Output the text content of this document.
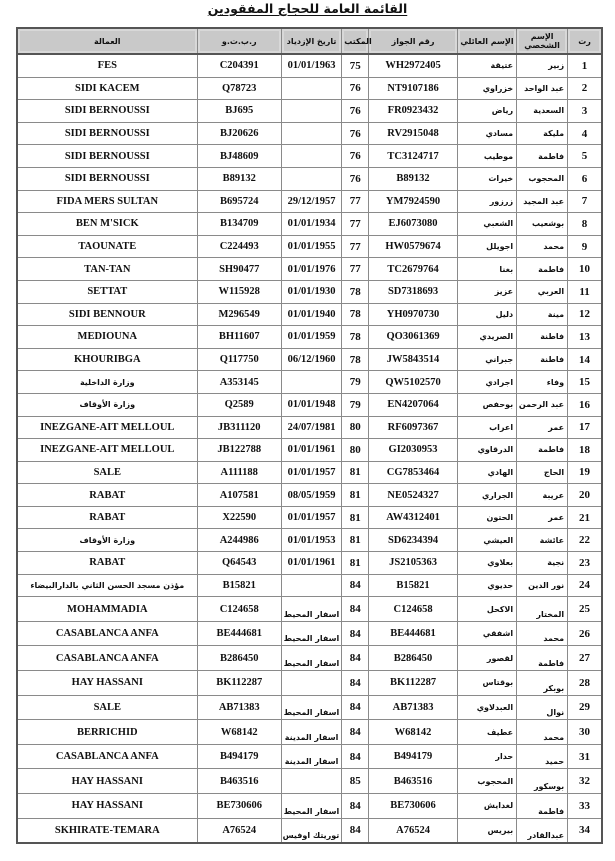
القائمة العامة للحجاج المفقودين
العمالة	ر.ب.ت.و	تاريخ الإزدياد	المكتب	رقم الجواز	الإسم العائلي	الإسم الشخصي	رت
FES	C204391	01/01/1963	75	WH2972405	عتيقة	زبير	1
SIDI KACEM	Q78723		76	NT9107186	خزراوي	عبد الواحد	2
SIDI BERNOUSSI	BJ695		76	FR0923432	رياض	السعدية	3
SIDI BERNOUSSI	BJ20626		76	RV2915048	مسادي	مليكة	4
SIDI BERNOUSSI	BJ48609		76	TC3124717	موطيب	فاطمة	5
SIDI BERNOUSSI	B89132		76	B89132	خيرات	المحجوب	6
FIDA MERS SULTAN	B695724	29/12/1957	77	YM7924590	زرزور	عبد المجيد	7
BEN M'SICK	B134709	01/01/1934	77	EJ6073080	الشعبي	بوشعيب	8
TAOUNATE	C224493	01/01/1955	77	HW0579674	اجويلل	محمد	9
TAN-TAN	SH90477	01/01/1976	77	TC2679764	بغنا	فاطمة	10
SETTAT	W115928	01/01/1930	78	SD7318693	عزيز	العربي	11
SIDI BENNOUR	M296549	01/01/1940	78	YH0970730	دليل	مينة	12
MEDIOUNA	BH11607	01/01/1959	78	QO3061369	الصريدي	فاطنة	13
KHOURIBGA	Q117750	06/12/1960	78	JW5843514	جبراني	فاطنة	14
وزارة الداخلية	A353145		79	QW5102570	اجرادي	وفاء	15
وزارة الأوقاف	Q2589	01/01/1948	79	EN4207064	بوحفص	عبد الرحمن	16
INEZGANE-AIT MELLOUL	JB311120	24/07/1981	80	RF6097367	اعراب	عمر	17
INEZGANE-AIT MELLOUL	JB122788	01/01/1961	80	GI2030953	الدرقاوي	فاطمة	18
SALE	A111188	01/01/1957	81	CG7853464	الهادي	الحاج	19
RABAT	A107581	08/05/1959	81	NE0524327	الجراري	عريبة	20
RABAT	X22590	01/01/1957	81	AW4312401	الحتون	عمر	21
وزارة الأوقاف	A244986	01/01/1953	81	SD6234394	العيشي	عائشة	22
RABAT	Q64543	01/01/1961	81	JS2105363	بعلاوي	نجية	23
مؤذن مسجد الحسن الثاني بالدارالبيضاء	B15821		84	B15821	حديوي	نور الدين	24
MOHAMMADIA	C124658	اسفار المحيط	84	C124658	الاكحل	المختار	25
CASABLANCA ANFA	BE444681	اسفار المحيط	84	BE444681	اشفقي	محمد	26
CASABLANCA ANFA	B286450	اسفار المحيط	84	B286450	لقصور	فاطمة	27
HAY HASSANI	BK112287		84	BK112287	بوقتاس	بوبكر	28
SALE	AB71383	اسفار المحيط	84	AB71383	العبدلاوي	نوال	29
BERRICHID	W68142	اسفار المدينة	84	W68142	عطيف	محمد	30
CASABLANCA ANFA	B494179	اسفار المدينة	84	B494179	حدار	حميد	31
HAY HASSANI	B463516		85	B463516	المحجوب	بوسكور	32
HAY HASSANI	BE730606	اسفار المحيط	84	BE730606	لغدايش	فاطمة	33
SKHIRATE-TEMARA	A76524	توريتك اوفيس	84	A76524	بيريس	عبدالقادر	34
